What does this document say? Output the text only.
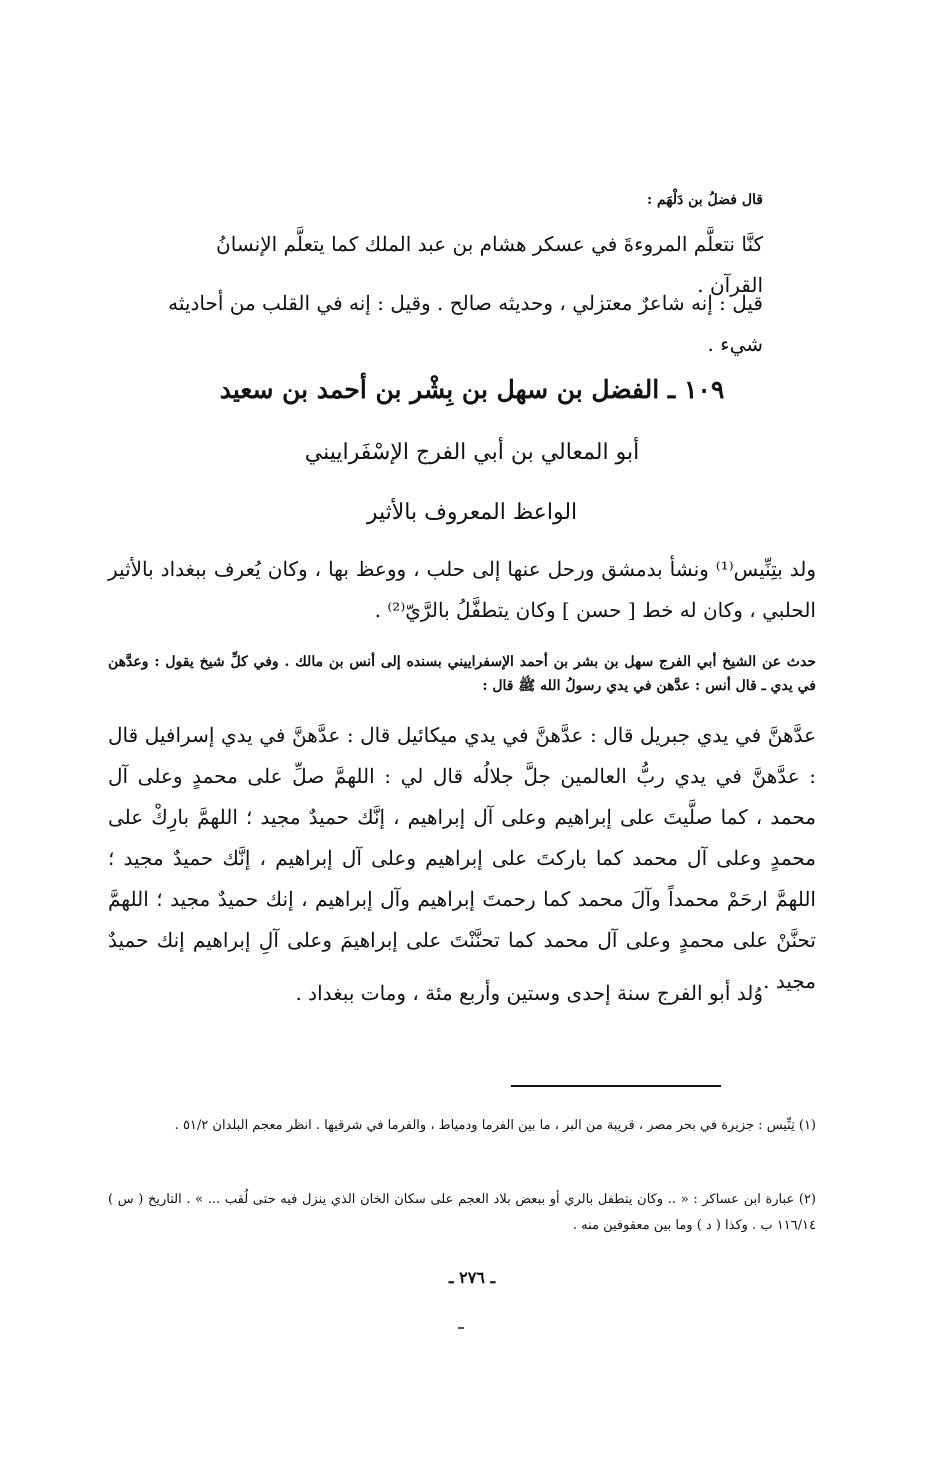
قال فضلُ بن دَلْهَم :

كنَّا نتعلَّم المروءةَ في عسكر هشام بن عبد الملك كما يتعلَّم الإنسانُ القرآن .

قيل : إنه شاعرٌ معتزلي ، وحديثه صالح . وقيل : إنه في القلب من أحاديثه شيء .

١٠٩ ـ الفضل بن سهل بن بِشْر بن أحمد بن سعيد
أبو المعالي بن أبي الفرج الإسْفَراييني
الواعظ المعروف بالأثير

ولد بتِنِّيس⁽¹⁾ ونشأ بدمشق ورحل عنها إلى حلب ، ووعظ بها ، وكان يُعرف ببغداد بالأثير الحلبي ، وكان له خط [ حسن ] وكان يتطفَّلُ بالرَّيّ⁽²⁾ .

حدث عن الشيخ أبي الفرج سهل بن بشر بن أحمد الإسفراييني بسنده إلى أنس بن مالك . وفي كلِّ شيخ يقول : وعدَّهن في يدي ـ قال أنس : عدَّهن في يدي رسولُ الله ﷺ قال :

عدَّهنَّ في يدي جبريل قال : عدَّهنَّ في يدي ميكائيل قال : عدَّهنَّ في يدي إسرافيل قال : عدَّهنَّ في يدي ربُّ العالمين جلَّ جلالُه قال لي : اللهمَّ صلِّ على محمدٍ وعلى آل محمد ، كما صلَّيتَ على إبراهيم وعلى آل إبراهيم ، إنَّك حميدٌ مجيد ؛ اللهمَّ بارِكْ على محمدٍ وعلى آل محمد كما باركتَ على إبراهيم وعلى آل إبراهيم ، إنَّك حميدٌ مجيد ؛ اللهمَّ ارحَمْ محمداً وآلَ محمد كما رحمتَ إبراهيم وآل إبراهيم ، إنك حميدٌ مجيد ؛ اللهمَّ تحنَّنْ على محمدٍ وعلى آل محمد كما تحنَّنْتَ على إبراهيمَ وعلى آلِ إبراهيم إنك حميدٌ مجيد .

وُلد أبو الفرج سنة إحدى وستين وأربع مئة ، ومات ببغداد .

(١) تِنِّيس : جزيرة في بحر مصر ، قريبة من البر ، ما بين الفرما ودمياط ، والفرما في شرقيها . انظر معجم البلدان ٥١/٢ .

(٢) عبارة ابن عساكر : « .. وكان يتطفل بالري أو ببعض بلاد العجم على سكان الخان الذي ينزل فيه حتى لُقب ... » . التاريخ ( س ) ١١٦/١٤ ب . وكذا ( د ) وما بين معقوفين منه .

ـ ٢٧٦ ـ
